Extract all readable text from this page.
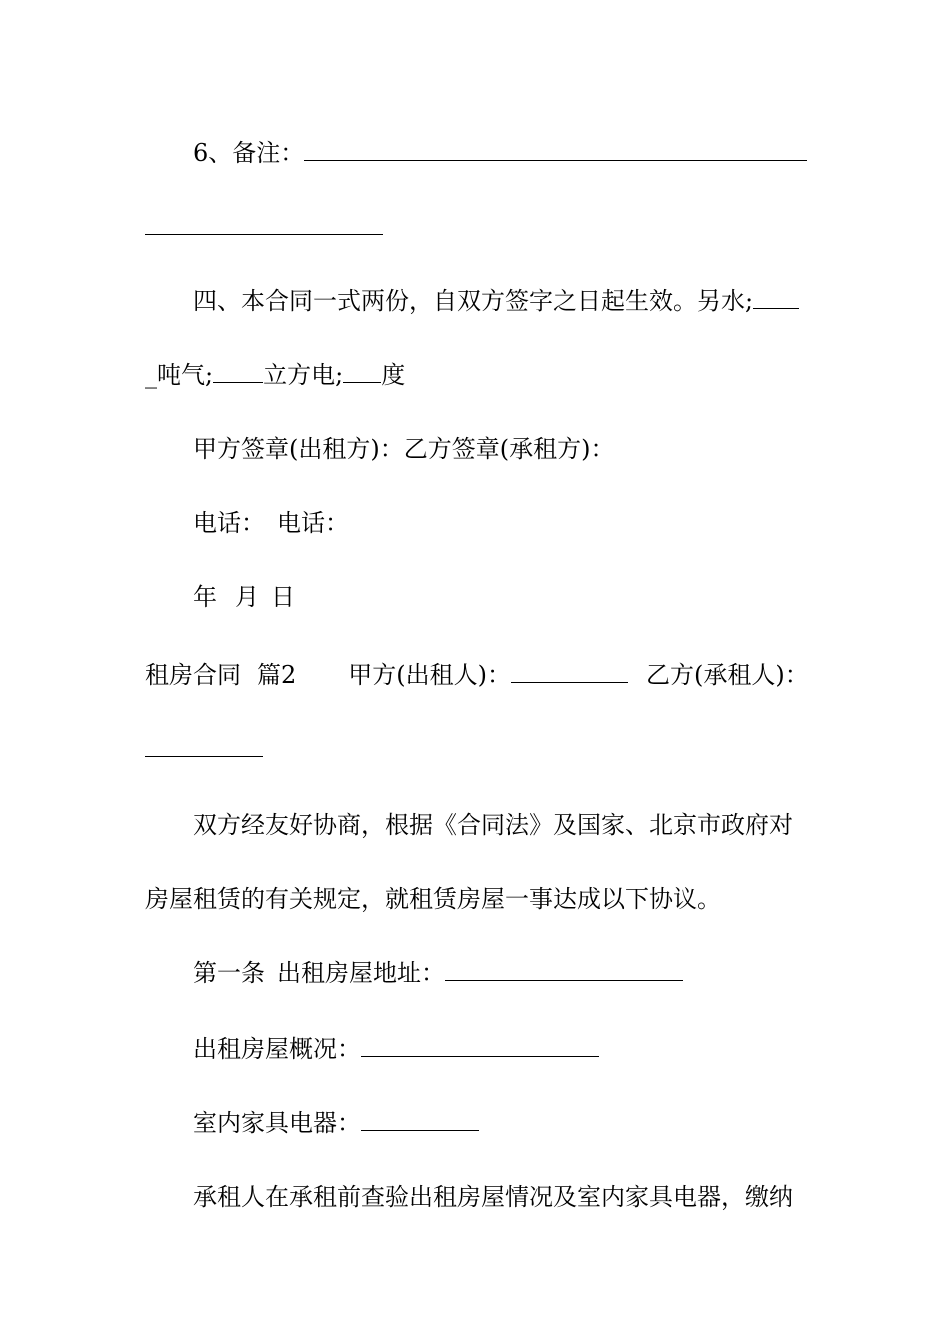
6、备注：
四、本合同一式两份，自双方签字之日起生效。另水;
_吨气; 立方电; 度
甲方签章(出租方)：乙方签章(承租方)：
电话： 电话：
年 月 日
租房合同 篇2 甲方(出租人)：	乙方(承租人)：
双方经友好协商，根据《合同法》及国家、北京市政府对
房屋租赁的有关规定，就租赁房屋一事达成以下协议。
第一条 出租房屋地址：
出租房屋概况：
室内家具电器：
承租人在承租前查验出租房屋情况及室内家具电器，缴纳
